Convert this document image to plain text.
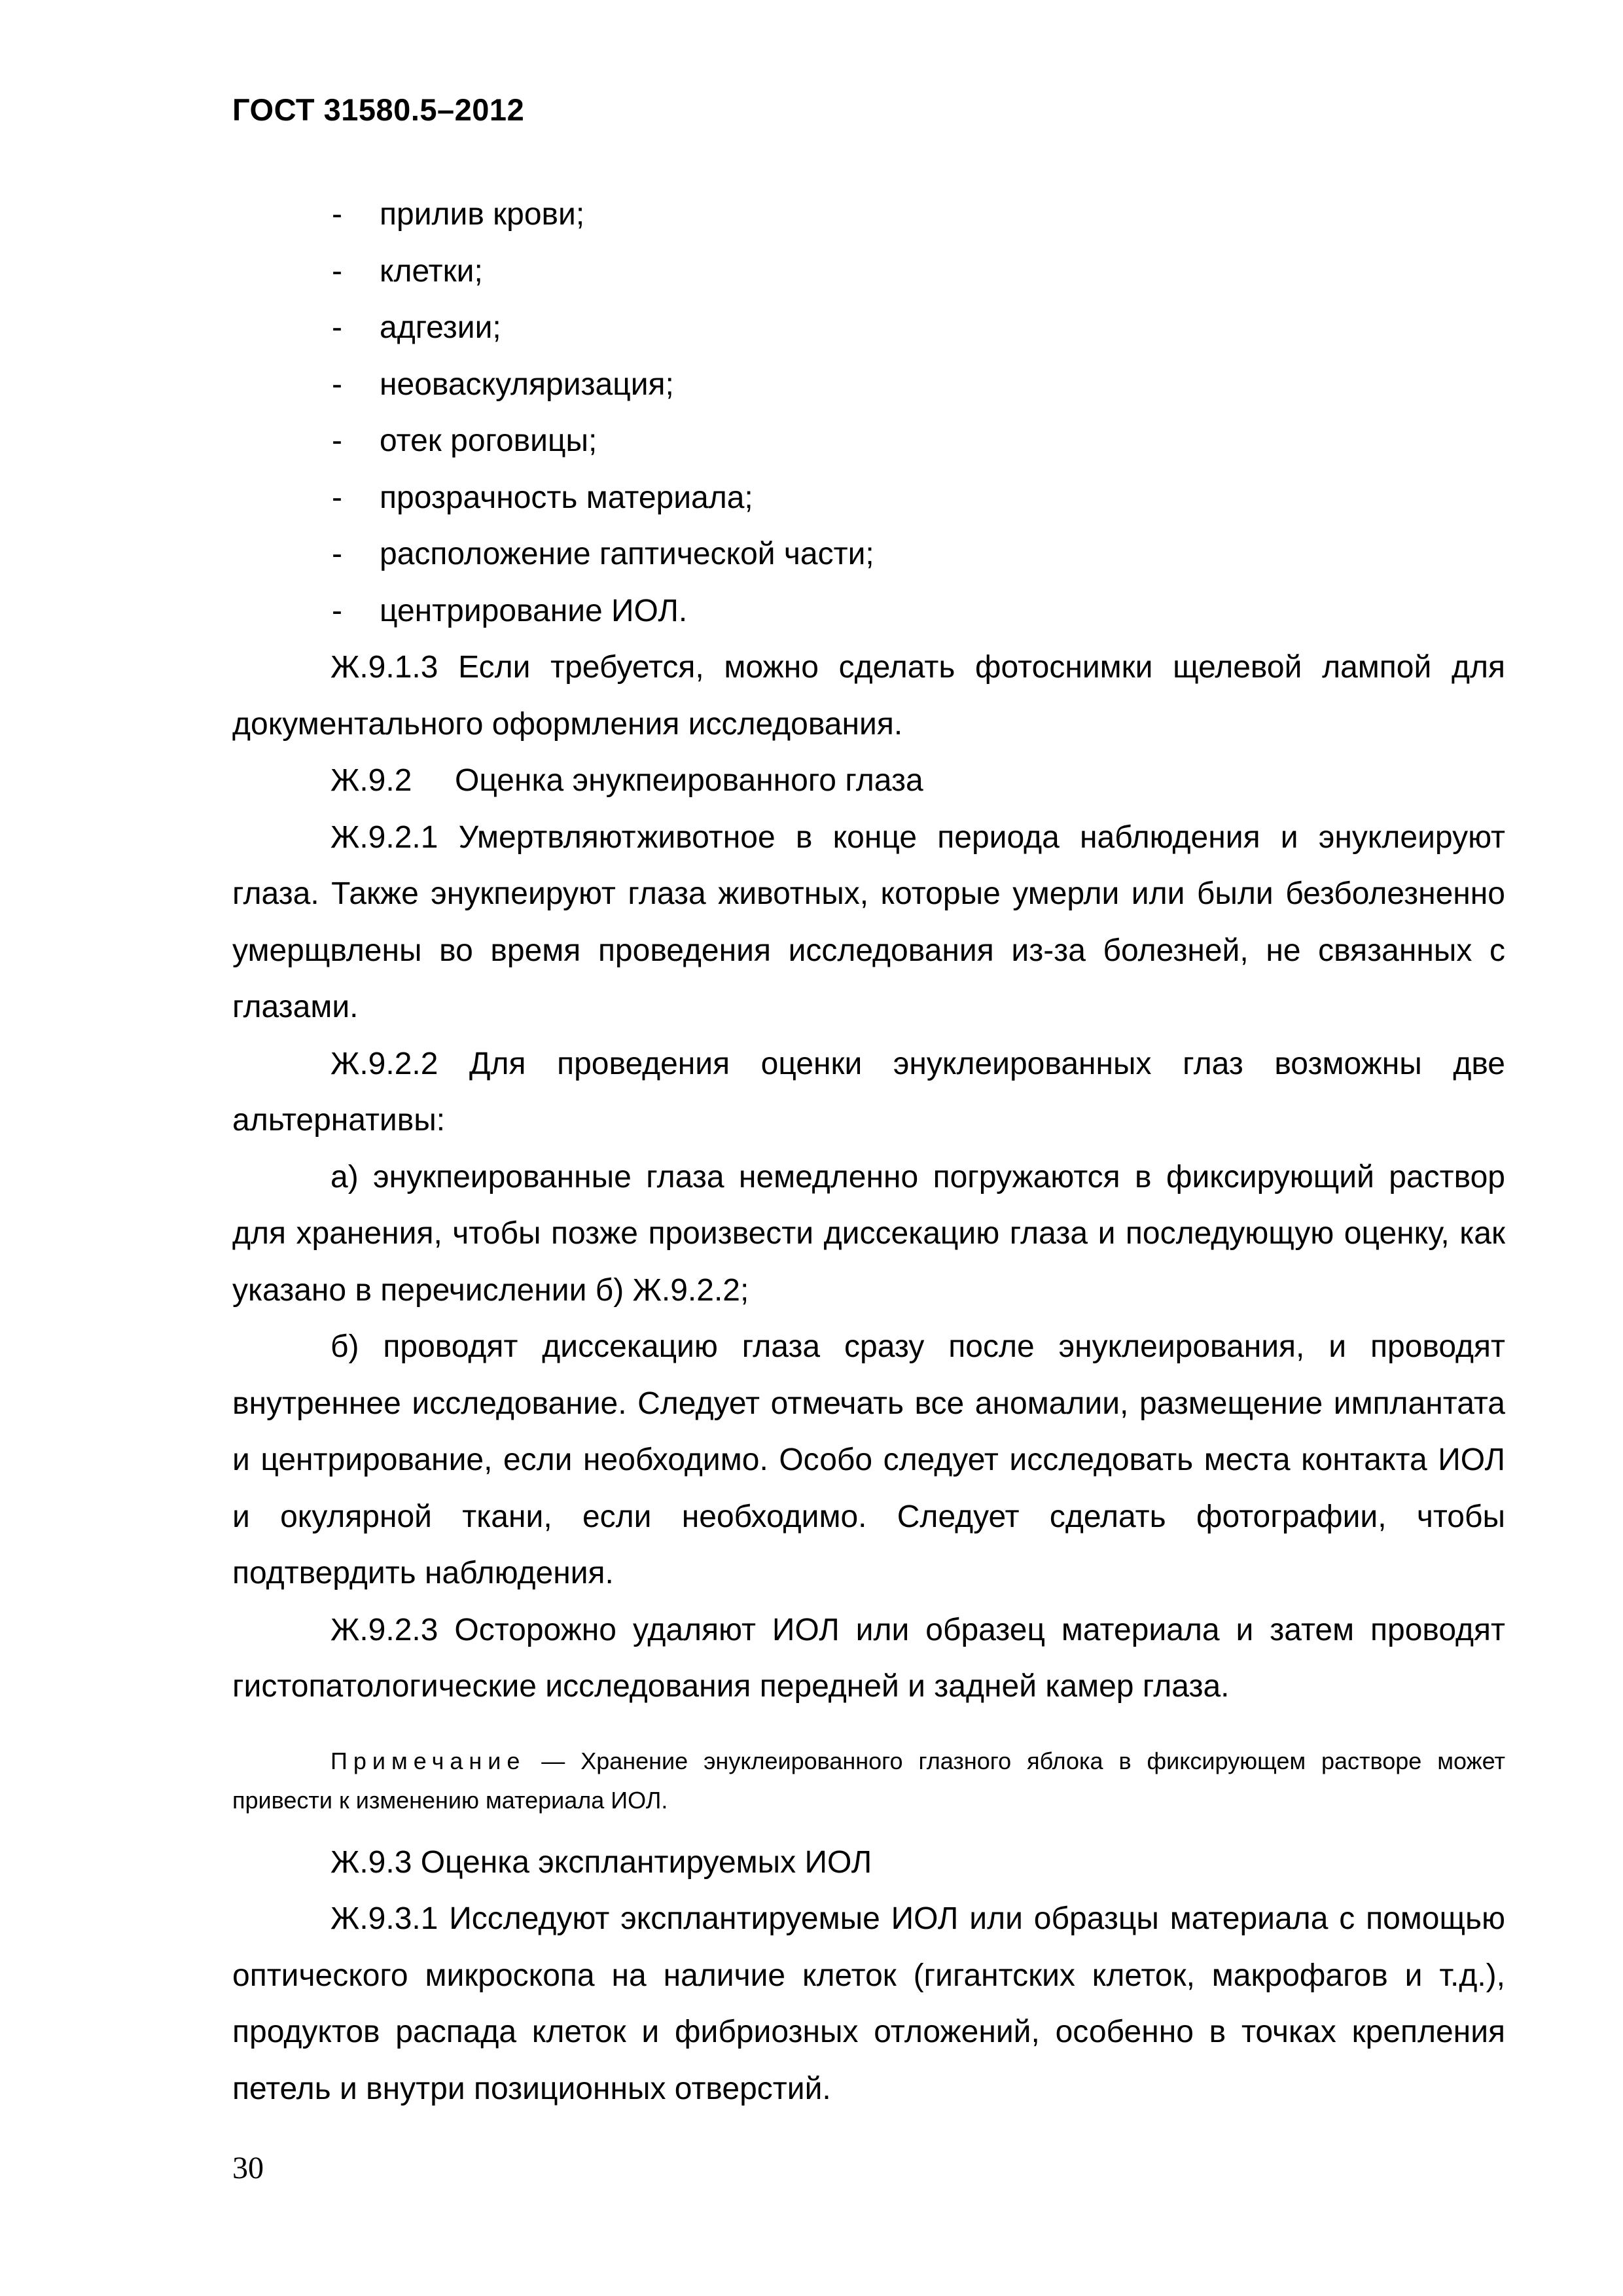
ГОСТ 31580.5–2012
- прилив крови;
- клетки;
- адгезии;
- неоваскуляризация;
- отек роговицы;
- прозрачность материала;
- расположение гаптической части;
- центрирование ИОЛ.

Ж.9.1.3 Если требуется, можно сделать фотоснимки щелевой лампой для документального оформления исследования.

Ж.9.2 Оценка энукпеированного глаза

Ж.9.2.1 Умертвляютживотное в конце периода наблюдения и энуклеируют глаза. Также энукпеируют глаза животных, которые умерли или были безболезненно умерщвлены во время проведения исследования из-за болезней, не связанных с глазами.

Ж.9.2.2 Для проведения оценки энуклеированных глаз возможны две альтернативы:

а) энукпеированные глаза немедленно погружаются в фиксирующий раствор для хранения, чтобы позже произвести диссекацию глаза и последующую оценку, как указано в перечислении б) Ж.9.2.2;

б) проводят диссекацию глаза сразу после энуклеирования, и проводят внутреннее исследование. Следует отмечать все аномалии, размещение имплантата и центрирование, если необходимо. Особо следует исследовать места контакта ИОЛ и окулярной ткани, если необходимо. Следует сделать фотографии, чтобы подтвердить наблюдения.

Ж.9.2.3 Осторожно удаляют ИОЛ или образец материала и затем проводят гистопатологические исследования передней и задней камер глаза.

Примечание — Хранение энуклеированного глазного яблока в фиксирующем растворе может привести к изменению материала ИОЛ.

Ж.9.3 Оценка эксплантируемых ИОЛ

Ж.9.3.1 Исследуют эксплантируемые ИОЛ или образцы материала с помощью оптического микроскопа на наличие клеток (гигантских клеток, макрофагов и т.д.), продуктов распада клеток и фибриозных отложений, особенно в точках крепления петель и внутри позиционных отверстий.

30
